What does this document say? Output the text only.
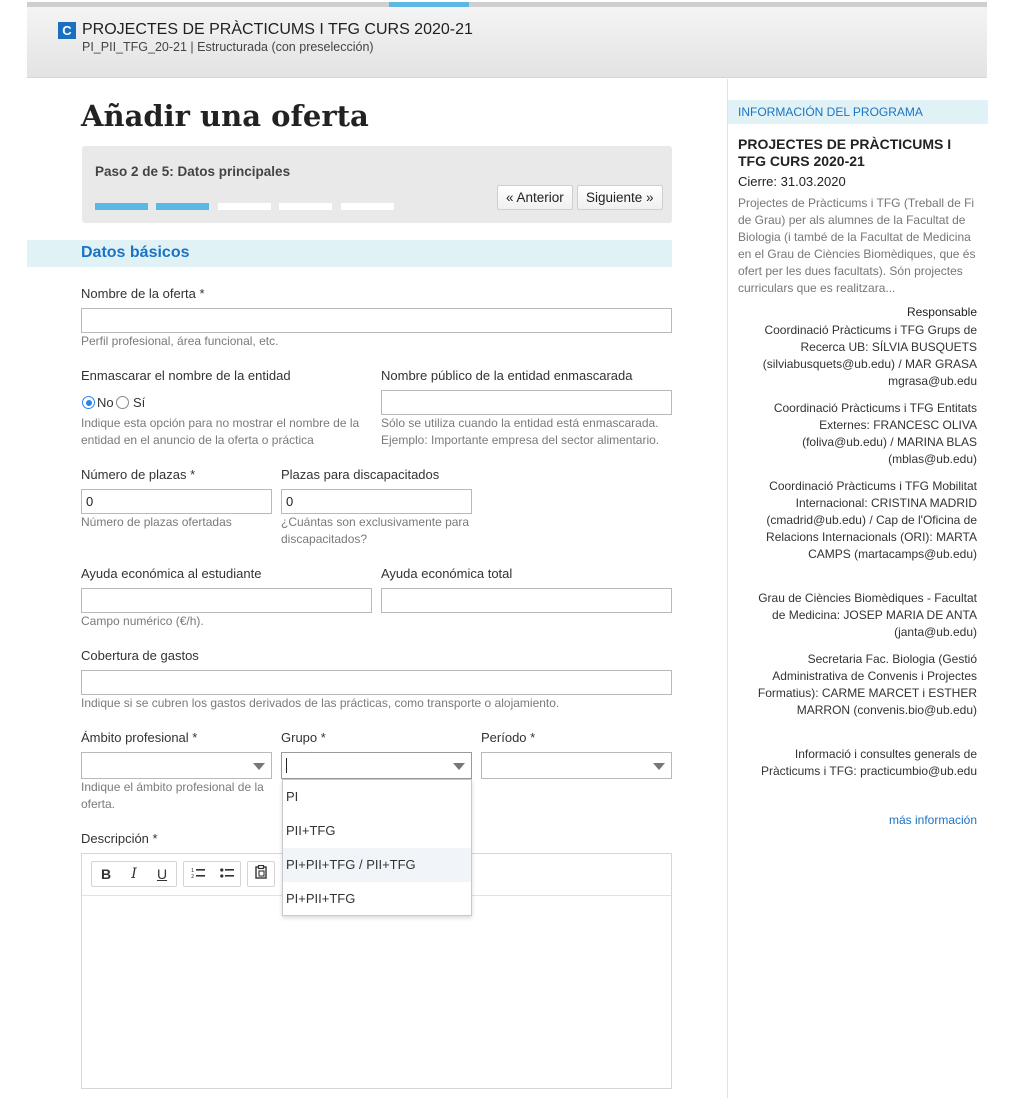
C PROJECTES DE PRÀCTICUMS I TFG CURS 2020-21
PI_PII_TFG_20-21 | Estructurada (con preselección)
Añadir una oferta
Paso 2 de 5: Datos principales
« Anterior	Siguiente »
Datos básicos
Nombre de la oferta *
Perfil profesional, área funcional, etc.
Enmascarar el nombre de la entidad
No Sí
Indique esta opción para no mostrar el nombre de la entidad en el anuncio de la oferta o práctica
Nombre público de la entidad enmascarada
Sólo se utiliza cuando la entidad está enmascarada. Ejemplo: Importante empresa del sector alimentario.
Número de plazas *
0
Número de plazas ofertadas
Plazas para discapacitados
0
¿Cuántas son exclusivamente para discapacitados?
Ayuda económica al estudiante
Campo numérico (€/h).
Ayuda económica total
Cobertura de gastos
Indique si se cubren los gastos derivados de las prácticas, como transporte o alojamiento.
Ámbito profesional *
Indique el ámbito profesional de la oferta.
Grupo *	Período *
Descripción *
B	I	U	1
2
PI
PII+TFG
PI+PII+TFG / PII+TFG
PI+PII+TFG
INFORMACIÓN DEL PROGRAMA
PROJECTES DE PRÀCTICUMS I TFG CURS 2020-21
Cierre: 31.03.2020
Projectes de Pràcticums i TFG (Treball de Fi de Grau) per als alumnes de la Facultat de Biologia (i també de la Facultat de Medicina en el Grau de Ciències Biomèdiques, que és ofert per les dues facultats). Són projectes curriculars que es realitzara...
Responsable
Coordinació Pràcticums i TFG Grups de Recerca UB: SÍLVIA BUSQUETS (silviabusquets@ub.edu) / MAR GRASA mgrasa@ub.edu
Coordinació Pràcticums i TFG Entitats Externes: FRANCESC OLIVA (foliva@ub.edu) / MARINA BLAS (mblas@ub.edu)
Coordinació Pràcticums i TFG Mobilitat Internacional: CRISTINA MADRID (cmadrid@ub.edu) / Cap de l'Oficina de Relacions Internacionals (ORI): MARTA CAMPS (martacamps@ub.edu)
Grau de Ciències Biomèdiques - Facultat de Medicina: JOSEP MARIA DE ANTA (janta@ub.edu)
Secretaria Fac. Biologia (Gestió Administrativa de Convenis i Projectes Formatius): CARME MARCET i ESTHER MARRON (convenis.bio@ub.edu)
Informació i consultes generals de Pràcticums i TFG: practicumbio@ub.edu
más información
